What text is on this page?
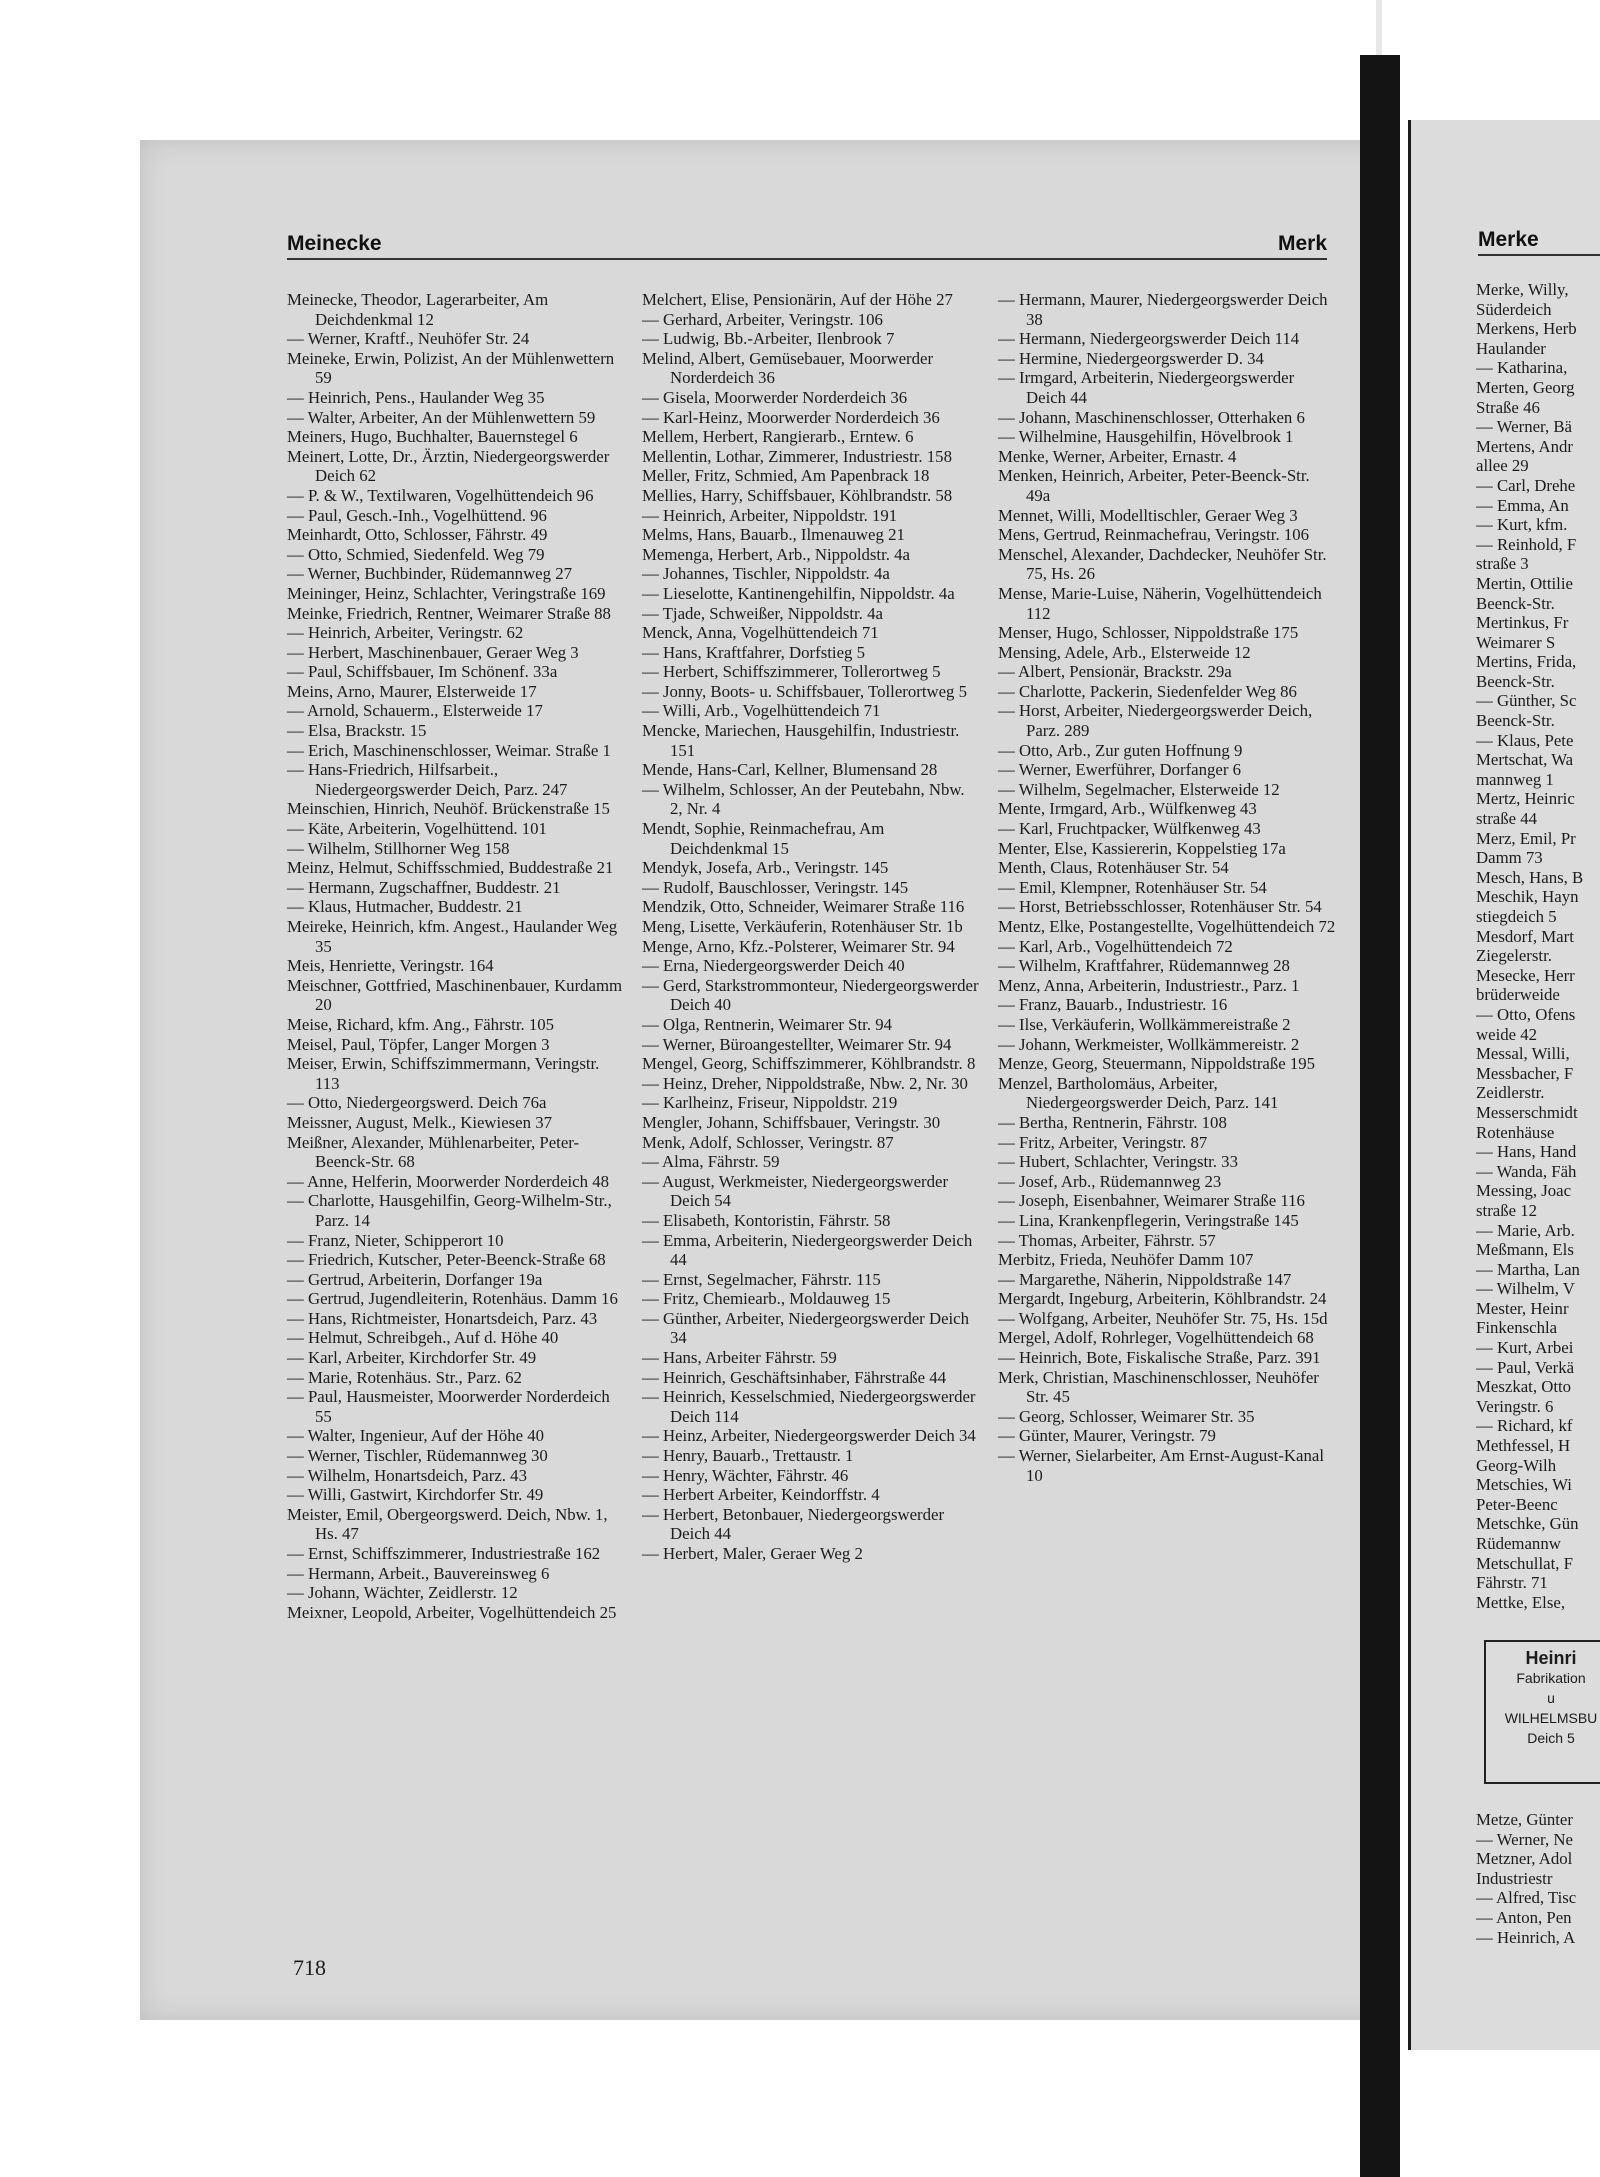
Meinecke	Merk	Merke
Meinecke, Theodor, Lagerarbeiter, Am Deichdenkmal 12
— Werner, Kraftf., Neuhöfer Str. 24
Meineke, Erwin, Polizist, An der Mühlenwettern 59
— Heinrich, Pens., Haulander Weg 35
— Walter, Arbeiter, An der Mühlenwettern 59
Meiners, Hugo, Buchhalter, Bauernstegel 6
Meinert, Lotte, Dr., Ärztin, Niedergeorgswerder Deich 62
— P. & W., Textilwaren, Vogelhüttendeich 96
— Paul, Gesch.-Inh., Vogelhüttend. 96
Meinhardt, Otto, Schlosser, Fährstr. 49
— Otto, Schmied, Siedenfeld. Weg 79
— Werner, Buchbinder, Rüdemannweg 27
Meininger, Heinz, Schlachter, Veringstraße 169
Meinke, Friedrich, Rentner, Weimarer Straße 88
— Heinrich, Arbeiter, Veringstr. 62
— Herbert, Maschinenbauer, Geraer Weg 3
— Paul, Schiffsbauer, Im Schönenf. 33a
Meins, Arno, Maurer, Elsterweide 17
— Arnold, Schauerm., Elsterweide 17
— Elsa, Brackstr. 15
— Erich, Maschinenschlosser, Weimar. Straße 1
— Hans-Friedrich, Hilfsarbeit., Niedergeorgswerder Deich, Parz. 247
Meinschien, Hinrich, Neuhöf. Brückenstraße 15
— Käte, Arbeiterin, Vogelhüttend. 101
— Wilhelm, Stillhorner Weg 158
Meinz, Helmut, Schiffsschmied, Buddestraße 21
— Hermann, Zugschaffner, Buddestr. 21
— Klaus, Hutmacher, Buddestr. 21
Meireke, Heinrich, kfm. Angest., Haulander Weg 35
Meis, Henriette, Veringstr. 164
Meischner, Gottfried, Maschinenbauer, Kurdamm 20
Meise, Richard, kfm. Ang., Fährstr. 105
Meisel, Paul, Töpfer, Langer Morgen 3
Meiser, Erwin, Schiffszimmermann, Veringstr. 113
— Otto, Niedergeorgswerd. Deich 76a
Meissner, August, Melk., Kiewiesen 37
Meißner, Alexander, Mühlenarbeiter, Peter-Beenck-Str. 68
— Anne, Helferin, Moorwerder Norderdeich 48
— Charlotte, Hausgehilfin, Georg-Wilhelm-Str., Parz. 14
— Franz, Nieter, Schipperort 10
— Friedrich, Kutscher, Peter-Beenck-Straße 68
— Gertrud, Arbeiterin, Dorfanger 19a
— Gertrud, Jugendleiterin, Rotenhäus. Damm 16
— Hans, Richtmeister, Honartsdeich, Parz. 43
— Helmut, Schreibgeh., Auf d. Höhe 40
— Karl, Arbeiter, Kirchdorfer Str. 49
— Marie, Rotenhäus. Str., Parz. 62
— Paul, Hausmeister, Moorwerder Norderdeich 55
— Walter, Ingenieur, Auf der Höhe 40
— Werner, Tischler, Rüdemannweg 30
— Wilhelm, Honartsdeich, Parz. 43
— Willi, Gastwirt, Kirchdorfer Str. 49
Meister, Emil, Obergeorgswerd. Deich, Nbw. 1, Hs. 47
— Ernst, Schiffszimmerer, Industriestraße 162
— Hermann, Arbeit., Bauvereinsweg 6
— Johann, Wächter, Zeidlerstr. 12
Meixner, Leopold, Arbeiter, Vogelhüttendeich 25
Melchert, Elise, Pensionärin, Auf der Höhe 27
— Gerhard, Arbeiter, Veringstr. 106
— Ludwig, Bb.-Arbeiter, Ilenbrook 7
Melind, Albert, Gemüsebauer, Moorwerder Norderdeich 36
— Gisela, Moorwerder Norderdeich 36
— Karl-Heinz, Moorwerder Norderdeich 36
Mellem, Herbert, Rangierarb., Erntew. 6
Mellentin, Lothar, Zimmerer, Industriestr. 158
Meller, Fritz, Schmied, Am Papenbrack 18
Mellies, Harry, Schiffsbauer, Köhlbrandstr. 58
— Heinrich, Arbeiter, Nippoldstr. 191
Melms, Hans, Bauarb., Ilmenauweg 21
Memenga, Herbert, Arb., Nippoldstr. 4a
— Johannes, Tischler, Nippoldstr. 4a
— Lieselotte, Kantinengehilfin, Nippoldstr. 4a
— Tjade, Schweißer, Nippoldstr. 4a
Menck, Anna, Vogelhüttendeich 71
— Hans, Kraftfahrer, Dorfstieg 5
— Herbert, Schiffszimmerer, Tollerortweg 5
— Jonny, Boots- u. Schiffsbauer, Tollerortweg 5
— Willi, Arb., Vogelhüttendeich 71
Mencke, Mariechen, Hausgehilfin, Industriestr. 151
Mende, Hans-Carl, Kellner, Blumensand 28
— Wilhelm, Schlosser, An der Peutebahn, Nbw. 2, Nr. 4
Mendt, Sophie, Reinmachefrau, Am Deichdenkmal 15
Mendyk, Josefa, Arb., Veringstr. 145
— Rudolf, Bauschlosser, Veringstr. 145
Mendzik, Otto, Schneider, Weimarer Straße 116
Meng, Lisette, Verkäuferin, Rotenhäuser Str. 1b
Menge, Arno, Kfz.-Polsterer, Weimarer Str. 94
— Erna, Niedergeorgswerder Deich 40
— Gerd, Starkstrommonteur, Niedergeorgswerder Deich 40
— Olga, Rentnerin, Weimarer Str. 94
— Werner, Büroangestellter, Weimarer Str. 94
Mengel, Georg, Schiffszimmerer, Köhlbrandstr. 8
— Heinz, Dreher, Nippoldstraße, Nbw. 2, Nr. 30
— Karlheinz, Friseur, Nippoldstr. 219
Mengler, Johann, Schiffsbauer, Veringstr. 30
Menk, Adolf, Schlosser, Veringstr. 87
— Alma, Fährstr. 59
— August, Werkmeister, Niedergeorgswerder Deich 54
— Elisabeth, Kontoristin, Fährstr. 58
— Emma, Arbeiterin, Niedergeorgswerder Deich 44
— Ernst, Segelmacher, Fährstr. 115
— Fritz, Chemiearb., Moldauweg 15
— Günther, Arbeiter, Niedergeorgswerder Deich 34
— Hans, Arbeiter Fährstr. 59
— Heinrich, Geschäftsinhaber, Fährstraße 44
— Heinrich, Kesselschmied, Niedergeorgswerder Deich 114
— Heinz, Arbeiter, Niedergeorgswerder Deich 34
— Henry, Bauarb., Trettaustr. 1
— Henry, Wächter, Fährstr. 46
— Herbert Arbeiter, Keindorffstr. 4
— Herbert, Betonbauer, Niedergeorgswerder Deich 44
— Herbert, Maler, Geraer Weg 2
— Hermann, Maurer, Niedergeorgswerder Deich 38
— Hermann, Niedergeorgswerder Deich 114
— Hermine, Niedergeorgswerder D. 34
— Irmgard, Arbeiterin, Niedergeorgswerder Deich 44
— Johann, Maschinenschlosser, Otterhaken 6
— Wilhelmine, Hausgehilfin, Hövelbrook 1
Menke, Werner, Arbeiter, Ernastr. 4
Menken, Heinrich, Arbeiter, Peter-Beenck-Str. 49a
Mennet, Willi, Modelltischler, Geraer Weg 3
Mens, Gertrud, Reinmachefrau, Veringstr. 106
Menschel, Alexander, Dachdecker, Neuhöfer Str. 75, Hs. 26
Mense, Marie-Luise, Näherin, Vogelhüttendeich 112
Menser, Hugo, Schlosser, Nippoldstraße 175
Mensing, Adele, Arb., Elsterweide 12
— Albert, Pensionär, Brackstr. 29a
— Charlotte, Packerin, Siedenfelder Weg 86
— Horst, Arbeiter, Niedergeorgswerder Deich, Parz. 289
— Otto, Arb., Zur guten Hoffnung 9
— Werner, Ewerführer, Dorfanger 6
— Wilhelm, Segelmacher, Elsterweide 12
Mente, Irmgard, Arb., Wülfkenweg 43
— Karl, Fruchtpacker, Wülfkenweg 43
Menter, Else, Kassiererin, Koppelstieg 17a
Menth, Claus, Rotenhäuser Str. 54
— Emil, Klempner, Rotenhäuser Str. 54
— Horst, Betriebsschlosser, Rotenhäuser Str. 54
Mentz, Elke, Postangestellte, Vogelhüttendeich 72
— Karl, Arb., Vogelhüttendeich 72
— Wilhelm, Kraftfahrer, Rüdemannweg 28
Menz, Anna, Arbeiterin, Industriestr., Parz. 1
— Franz, Bauarb., Industriestr. 16
— Ilse, Verkäuferin, Wollkämmereistraße 2
— Johann, Werkmeister, Wollkämmereistr. 2
Menze, Georg, Steuermann, Nippoldstraße 195
Menzel, Bartholomäus, Arbeiter, Niedergeorgswerder Deich, Parz. 141
— Bertha, Rentnerin, Fährstr. 108
— Fritz, Arbeiter, Veringstr. 87
— Hubert, Schlachter, Veringstr. 33
— Josef, Arb., Rüdemannweg 23
— Joseph, Eisenbahner, Weimarer Straße 116
— Lina, Krankenpflegerin, Veringstraße 145
— Thomas, Arbeiter, Fährstr. 57
Merbitz, Frieda, Neuhöfer Damm 107
— Margarethe, Näherin, Nippoldstraße 147
Mergardt, Ingeburg, Arbeiterin, Köhlbrandstr. 24
— Wolfgang, Arbeiter, Neuhöfer Str. 75, Hs. 15d
Mergel, Adolf, Rohrleger, Vogelhüttendeich 68
— Heinrich, Bote, Fiskalische Straße, Parz. 391
Merk, Christian, Maschinenschlosser, Neuhöfer Str. 45
— Georg, Schlosser, Weimarer Str. 35
— Günter, Maurer, Veringstr. 79
— Werner, Sielarbeiter, Am Ernst-August-Kanal 10
Merke, Willy,
Süderdeich
Merkens, Herb
Haulander
— Katharina,
Merten, Georg
Straße 46
— Werner, Bä
Mertens, Andr
allee 29
— Carl, Drehe
— Emma, An
— Kurt, kfm.
— Reinhold, F
straße 3
Mertin, Ottilie
Beenck-Str.
Mertinkus, Fr
Weimarer S
Mertins, Frida,
Beenck-Str.
— Günther, Sc
Beenck-Str.
— Klaus, Pete
Mertschat, Wa
mannweg 1
Mertz, Heinric
straße 44
Merz, Emil, Pr
Damm 73
Mesch, Hans, B
Meschik, Hayn
stiegdeich 5
Mesdorf, Mart
Ziegelerstr.
Mesecke, Herr
brüderweide
— Otto, Ofens
weide 42
Messal, Willi,
Messbacher, F
Zeidlerstr.
Messerschmidt
Rotenhäuse
— Hans, Hand
— Wanda, Fäh
Messing, Joac
straße 12
— Marie, Arb.
Meßmann, Els
— Martha, Lan
— Wilhelm, V
Mester, Heinr
Finkenschla
— Kurt, Arbei
— Paul, Verkä
Meszkat, Otto
Veringstr. 6
— Richard, kf
Methfessel, H
Georg-Wilh
Metschies, Wi
Peter-Beenc
Metschke, Gün
Rüdemannw
Metschullat, F
Fährstr. 71
Mettke, Else,
Heinri
Fabrikation
u
WILHELMSBU
Deich 5
Metze, Günter
— Werner, Ne
Metzner, Adol
Industriestr
— Alfred, Tisc
— Anton, Pen
— Heinrich, A
718
